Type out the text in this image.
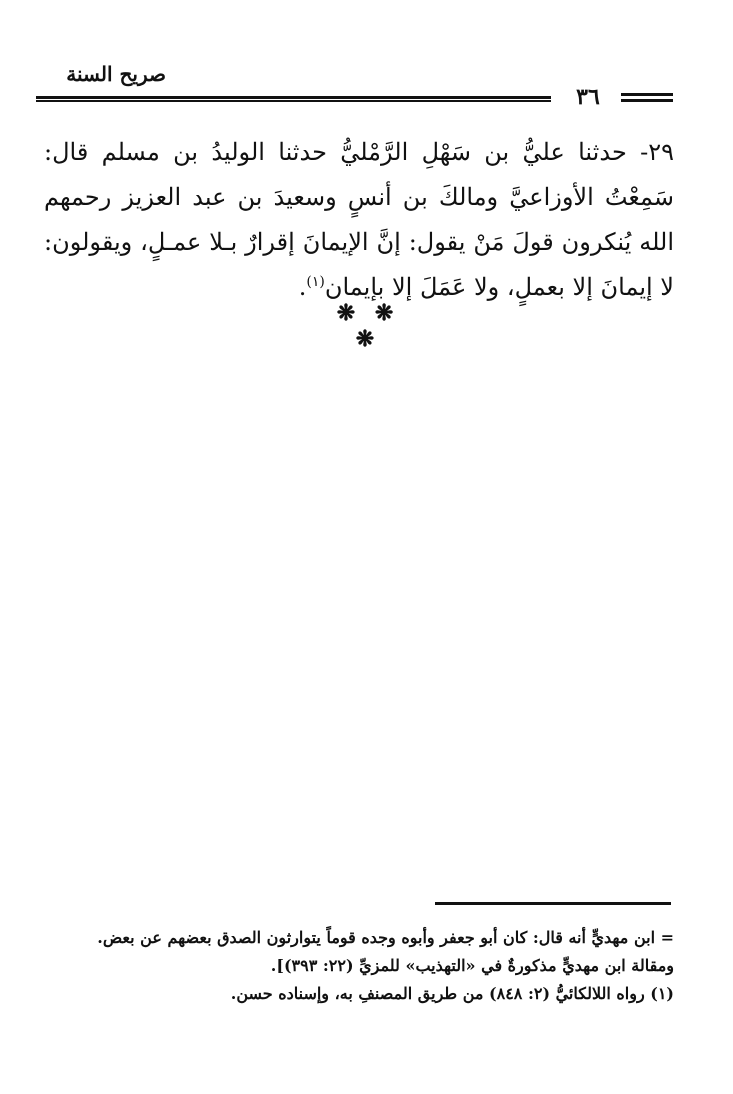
صريح السنة
٣٦

٢٩- حدثنا عليُّ بن سَهْلِ الرَّمْليُّ حدثنا الوليدُ بن مسلم قال: سَمِعْتُ الأوزاعيَّ ومالكَ بن أنسٍ وسعيدَ بن عبد العزيز رحمهم الله يُنكرون قولَ مَنْ يقول: إنَّ الإيمانَ إقرارٌ بـلا عمـلٍ، ويقولون: لا إيمانَ إلا بعملٍ، ولا عَمَلَ إلا بإيمان$^{(١)}$.

❋ ❋ ❋
= ابن مهديٍّ أنه قال: كان أبو جعفر وأبوه وجده قوماً يتوارثون الصدق بعضهم عن بعض.
ومقالة ابن مهديٍّ مذكورةٌ في «التهذيب» للمزيِّ (٢٢: ٣٩٣)].
(١) رواه اللالكائيُّ (٢: ٨٤٨) من طريق المصنفِ به، وإسناده حسن.
